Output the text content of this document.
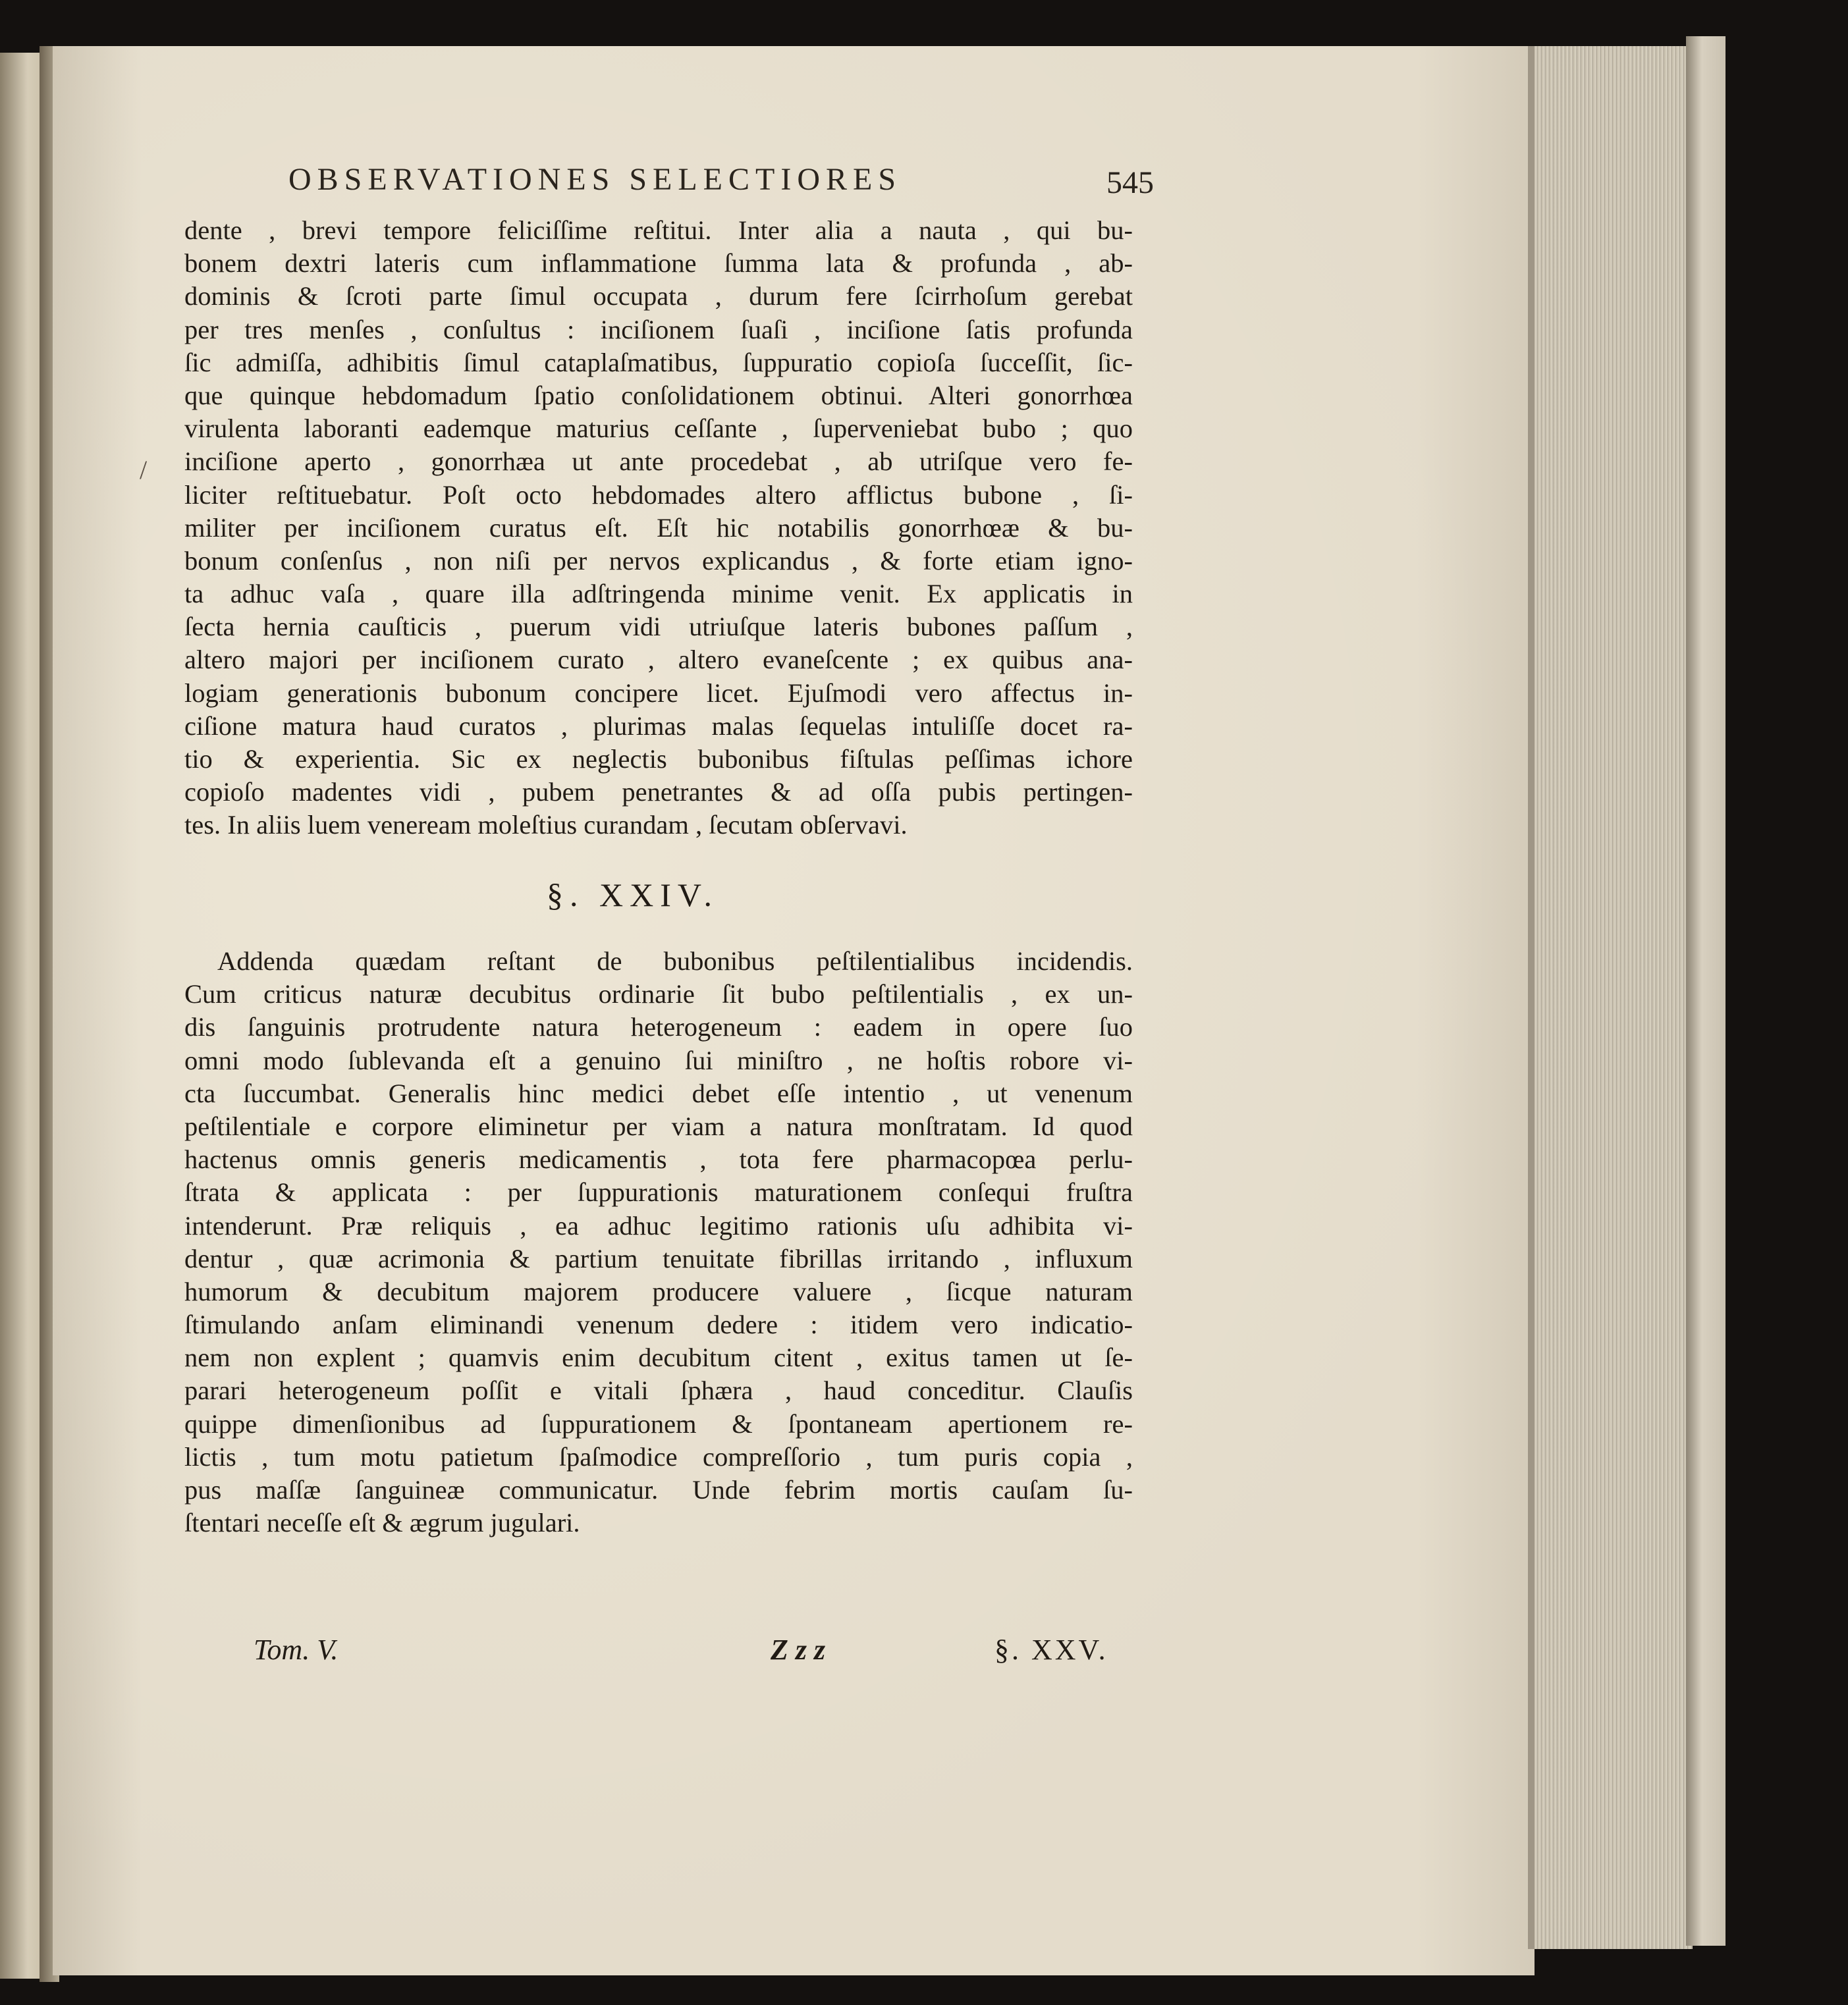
OBSERVATIONES SELECTIORES	545
dente , brevi tempore feliciſſime reſtitui. Inter alia a nauta , qui bu-
bonem dextri lateris cum inflammatione ſumma lata & profunda , ab-
dominis & ſcroti parte ſimul occupata , durum fere ſcirrhoſum gerebat
per tres menſes , conſultus : inciſionem ſuaſi , inciſione ſatis profunda
ſic admiſſa, adhibitis ſimul cataplaſmatibus, ſuppuratio copioſa ſucceſſit, ſic-
que quinque hebdomadum ſpatio conſolidationem obtinui. Alteri gonorrhœa
virulenta laboranti eademque maturius ceſſante , ſuperveniebat bubo ; quo
inciſione aperto , gonorrhæa ut ante procedebat , ab utriſque vero fe-
liciter reſtituebatur. Poſt octo hebdomades altero afflictus bubone , ſi-
militer per inciſionem curatus eſt. Eſt hic notabilis gonorrhœæ & bu-
bonum conſenſus , non niſi per nervos explicandus , & forte etiam igno-
ta adhuc vaſa , quare illa adſtringenda minime venit. Ex applicatis in
ſecta hernia cauſticis , puerum vidi utriuſque lateris bubones paſſum ,
altero majori per inciſionem curato , altero evaneſcente ; ex quibus ana-
logiam generationis bubonum concipere licet. Ejuſmodi vero affectus in-
ciſione matura haud curatos , plurimas malas ſequelas intuliſſe docet ra-
tio & experientia. Sic ex neglectis bubonibus fiſtulas peſſimas ichore
copioſo madentes vidi , pubem penetrantes & ad oſſa pubis pertingen-
tes. In aliis luem veneream moleſtius curandam , ſecutam obſervavi.
§. XXIV.
Addenda quædam reſtant de bubonibus peſtilentialibus incidendis.
Cum criticus naturæ decubitus ordinarie ſit bubo peſtilentialis , ex un-
dis ſanguinis protrudente natura heterogeneum : eadem in opere ſuo
omni modo ſublevanda eſt a genuino ſui miniſtro , ne hoſtis robore vi-
cta ſuccumbat. Generalis hinc medici debet eſſe intentio , ut venenum
peſtilentiale e corpore eliminetur per viam a natura monſtratam. Id quod
hactenus omnis generis medicamentis , tota fere pharmacopœa perlu-
ſtrata & applicata : per ſuppurationis maturationem conſequi fruſtra
intenderunt. Præ reliquis , ea adhuc legitimo rationis uſu adhibita vi-
dentur , quæ acrimonia & partium tenuitate fibrillas irritando , influxum
humorum & decubitum majorem producere valuere , ſicque naturam
ſtimulando anſam eliminandi venenum dedere : itidem vero indicatio-
nem non explent ; quamvis enim decubitum citent , exitus tamen ut ſe-
parari heterogeneum poſſit e vitali ſphæra , haud conceditur. Clauſis
quippe dimenſionibus ad ſuppurationem & ſpontaneam apertionem re-
lictis , tum motu patietum ſpaſmodice compreſſorio , tum puris copia ,
pus maſſæ ſanguineæ communicatur. Unde febrim mortis cauſam ſu-
ſtentari neceſſe eſt & ægrum jugulari.
Tom. V.	Z z z	§. XXV.
/
